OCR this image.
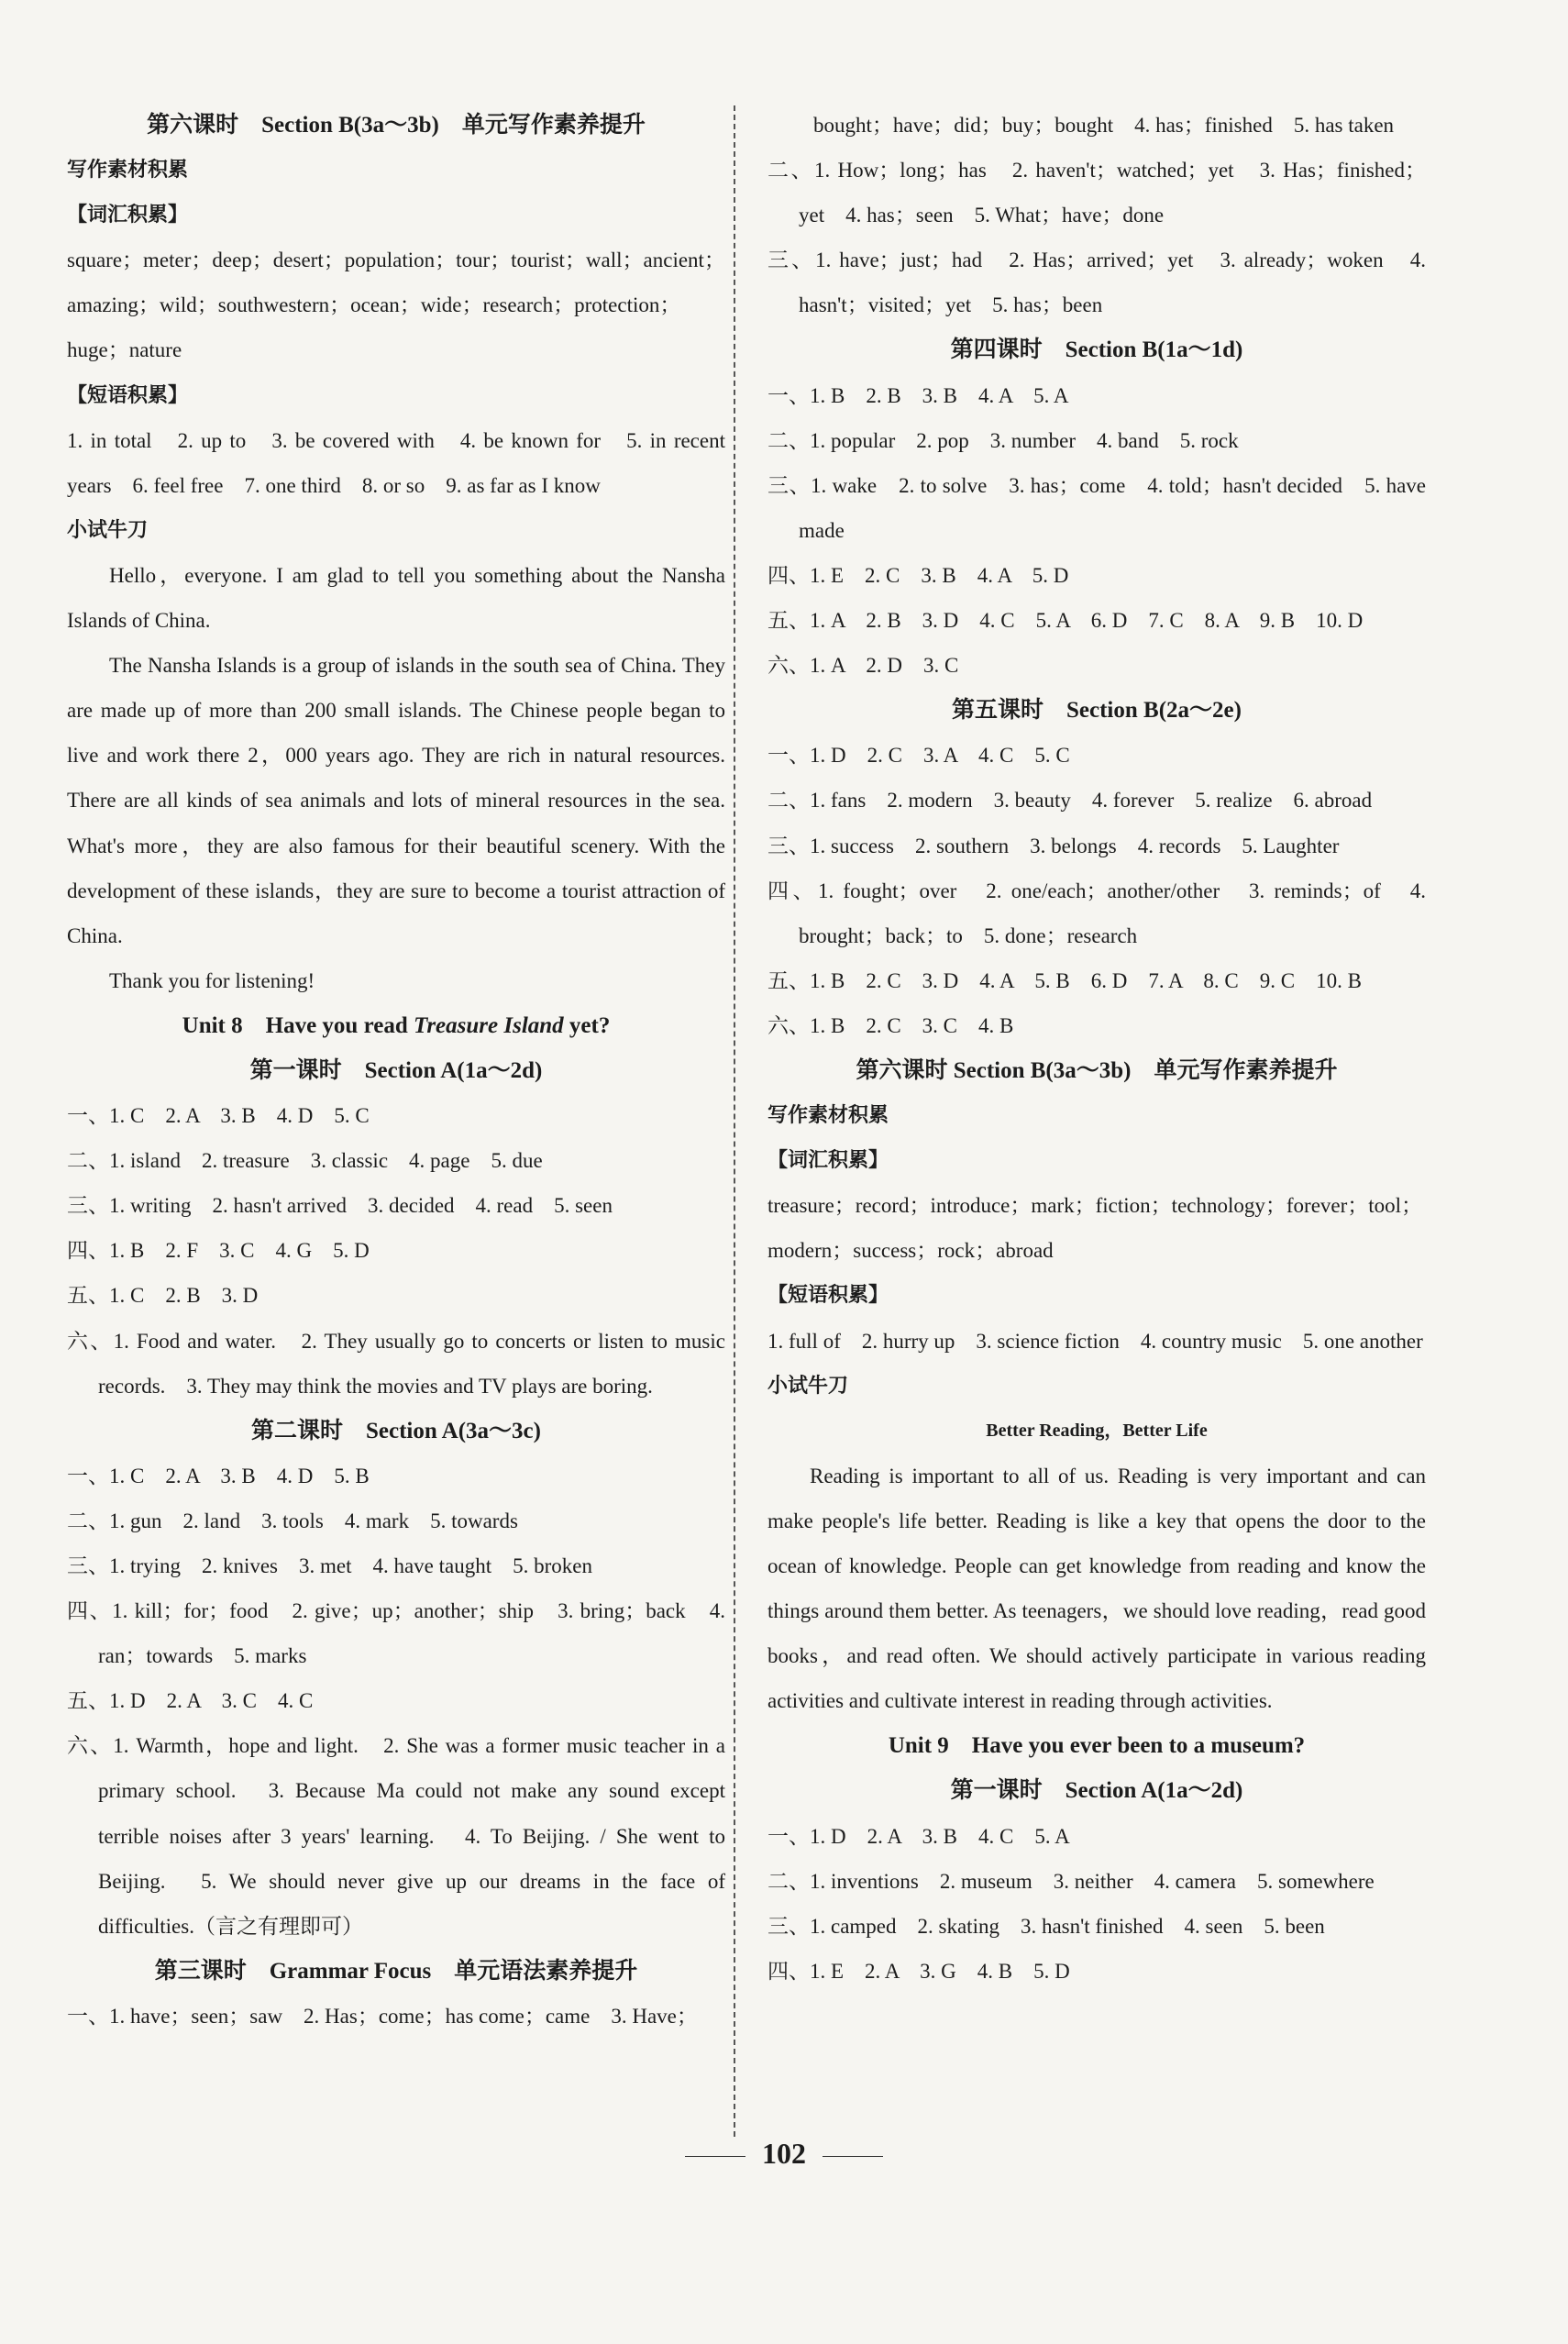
第六课时　Section B(3a～3b)　单元写作素养提升
写作素材积累
【词汇积累】
square；meter；deep；desert；population；tour；tourist；wall；ancient；amazing；wild；southwestern；ocean；wide；research；protection；huge；nature
【短语积累】
1. in total　2. up to　3. be covered with　4. be known for　5. in recent years　6. feel free　7. one third　8. or so　9. as far as I know
小试牛刀

Hello，everyone. I am glad to tell you something about the Nansha Islands of China.

The Nansha Islands is a group of islands in the south sea of China. They are made up of more than 200 small islands. The Chinese people began to live and work there 2，000 years ago. They are rich in natural resources. There are all kinds of sea animals and lots of mineral resources in the sea. What's more，they are also famous for their beautiful scenery. With the development of these islands，they are sure to become a tourist attraction of China.

Thank you for listening!

Unit 8　Have you read Treasure Island yet?
第一课时　Section A(1a～2d)
一、1. C　2. A　3. B　4. D　5. C
二、1. island　2. treasure　3. classic　4. page　5. due
三、1. writing　2. hasn't arrived　3. decided　4. read　5. seen
四、1. B　2. F　3. C　4. G　5. D
五、1. C　2. B　3. D
六、1. Food and water.　2. They usually go to concerts or listen to music records.　3. They may think the movies and TV plays are boring.
第二课时　Section A(3a～3c)
一、1. C　2. A　3. B　4. D　5. B
二、1. gun　2. land　3. tools　4. mark　5. towards
三、1. trying　2. knives　3. met　4. have taught　5. broken
四、1. kill；for；food　2. give；up；another；ship　3. bring；back　4. ran；towards　5. marks
五、1. D　2. A　3. C　4. C
六、1. Warmth，hope and light.　2. She was a former music teacher in a primary school.　3. Because Ma could not make any sound except terrible noises after 3 years' learning.　4. To Beijing. / She went to Beijing.　5. We should never give up our dreams in the face of difficulties.（言之有理即可）
第三课时　Grammar Focus　单元语法素养提升
一、1. have；seen；saw　2. Has；come；has come；came　3. Have；
bought；have；did；buy；bought　4. has；finished　5. has taken
二、1. How；long；has　2. haven't；watched；yet　3. Has；finished；yet　4. has；seen　5. What；have；done
三、1. have；just；had　2. Has；arrived；yet　3. already；woken　4. hasn't；visited；yet　5. has；been
第四课时　Section B(1a～1d)
一、1. B　2. B　3. B　4. A　5. A
二、1. popular　2. pop　3. number　4. band　5. rock
三、1. wake　2. to solve　3. has；come　4. told；hasn't decided　5. have made
四、1. E　2. C　3. B　4. A　5. D
五、1. A　2. B　3. D　4. C　5. A　6. D　7. C　8. A　9. B　10. D
六、1. A　2. D　3. C
第五课时　Section B(2a～2e)
一、1. D　2. C　3. A　4. C　5. C
二、1. fans　2. modern　3. beauty　4. forever　5. realize　6. abroad
三、1. success　2. southern　3. belongs　4. records　5. Laughter
四、1. fought；over　2. one/each；another/other　3. reminds；of　4. brought；back；to　5. done；research
五、1. B　2. C　3. D　4. A　5. B　6. D　7. A　8. C　9. C　10. B
六、1. B　2. C　3. C　4. B
第六课时 Section B(3a～3b)　单元写作素养提升
写作素材积累
【词汇积累】
treasure；record；introduce；mark；fiction；technology；forever；tool；modern；success；rock；abroad
【短语积累】
1. full of　2. hurry up　3. science fiction　4. country music　5. one another
小试牛刀
Better Reading，Better Life
Reading is important to all of us. Reading is very important and can make people's life better. Reading is like a key that opens the door to the ocean of knowledge. People can get knowledge from reading and know the things around them better. As teenagers，we should love reading，read good books，and read often. We should actively participate in various reading activities and cultivate interest in reading through activities.
Unit 9　Have you ever been to a museum?
第一课时　Section A(1a～2d)
一、1. D　2. A　3. B　4. C　5. A
二、1. inventions　2. museum　3. neither　4. camera　5. somewhere
三、1. camped　2. skating　3. hasn't finished　4. seen　5. been
四、1. E　2. A　3. G　4. B　5. D
102
